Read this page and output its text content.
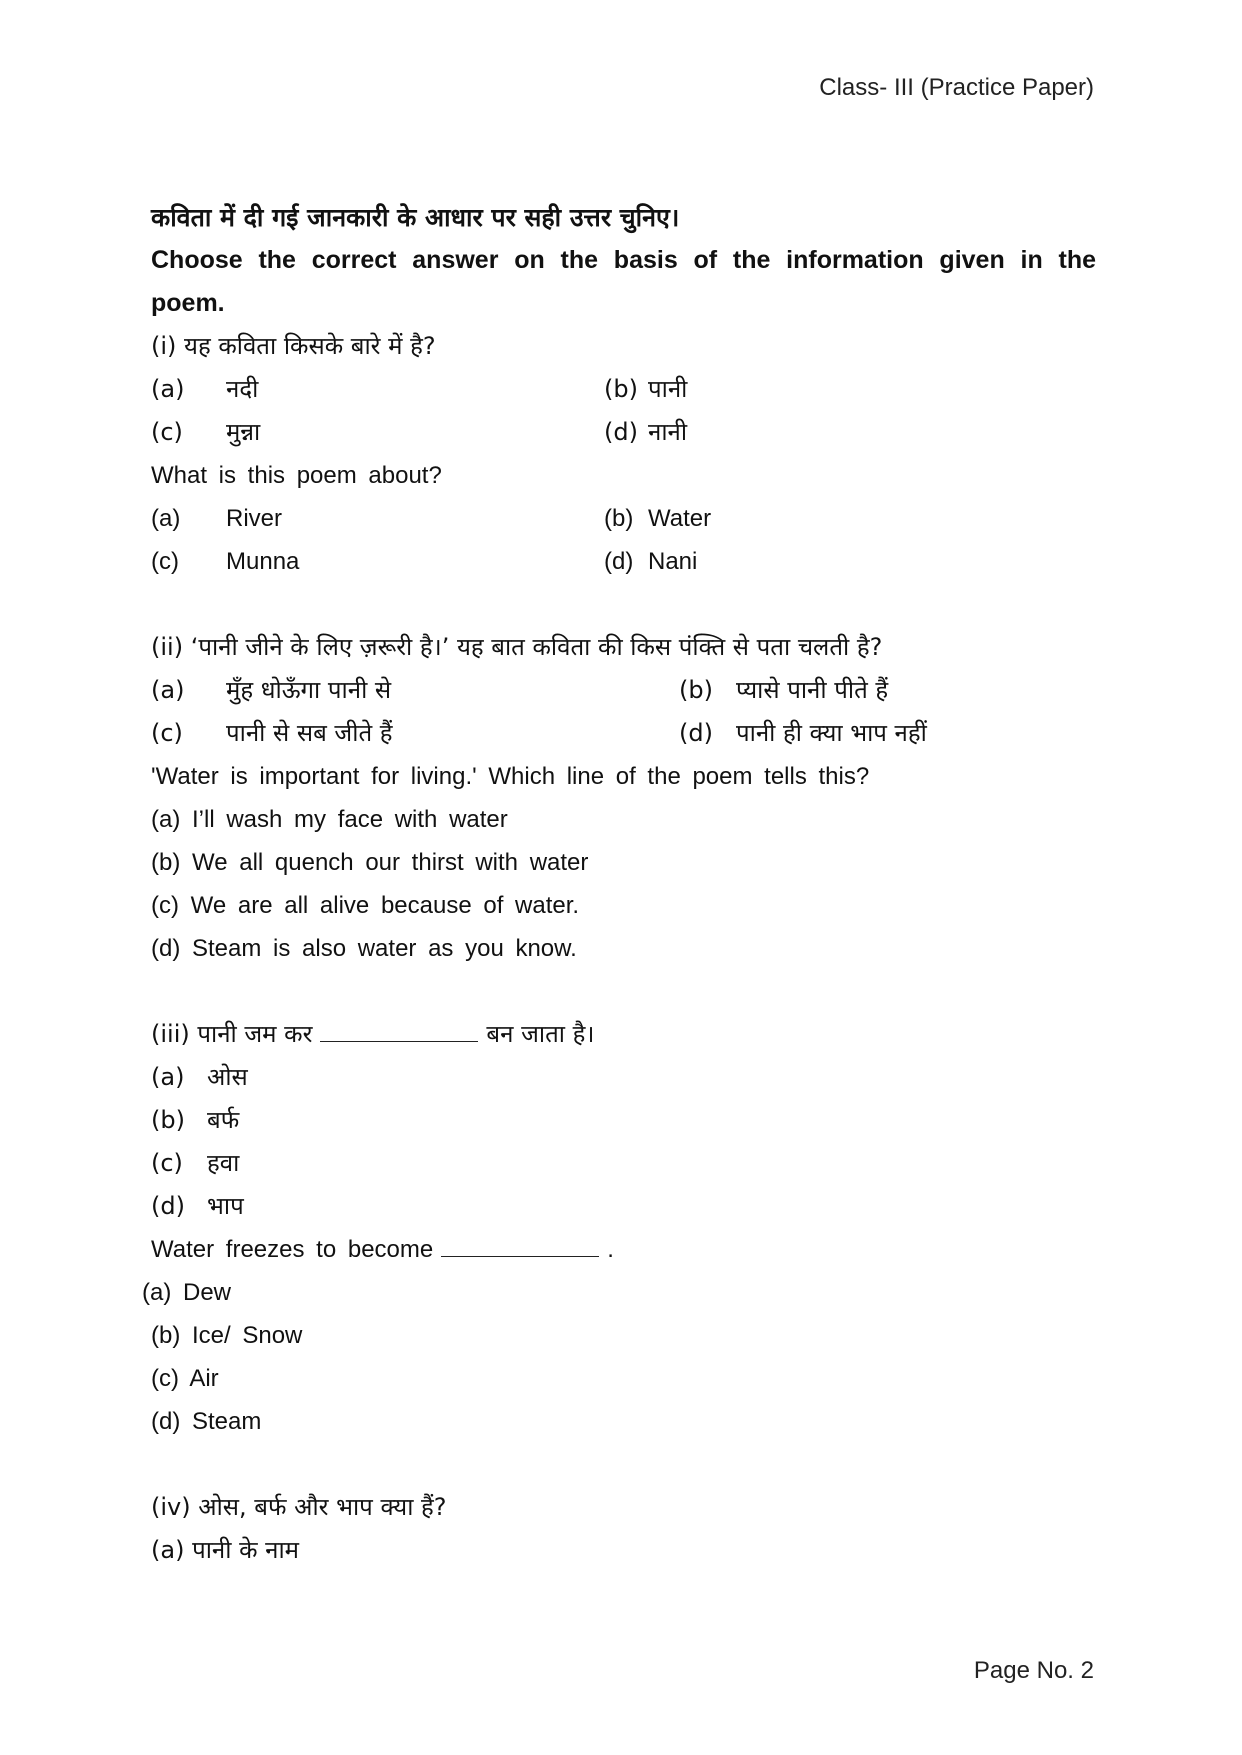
Class- III (Practice Paper)
कविता में दी गई जानकारी के आधार पर सही उत्तर चुनिए।
Choose the correct answer on the basis of the information given in the poem.
(i) यह कविता किसके बारे में है?
(a)	नदी	(b) पानी
(c)	मुन्ना	(d) नानी
What is this poem about?
(a)	River	(b) Water
(c)	Munna	(d) Nani
(ii) ‘पानी जीने के लिए ज़रूरी है।’ यह बात कविता की किस पंक्ति से पता चलती है?
(a)	मुँह धोऊँगा पानी से	(b) प्यासे पानी पीते हैं
(c)	पानी से सब जीते हैं	(d) पानी ही क्या भाप नहीं
'Water is important for living.' Which line of the poem tells this?
(a) I’ll wash my face with water
(b) We all quench our thirst with water
(c) We are all alive because of water.
(d) Steam is also water as you know.
(iii) पानी जम कर	बन जाता है।
(a) ओस
(b) बर्फ
(c)	हवा
(d) भाप
Water freezes to become	.
(a) Dew
(b) Ice/ Snow
(c) Air
(d) Steam
(iv) ओस, बर्फ और भाप क्या हैं?
(a) पानी के नाम
Page No. 2
